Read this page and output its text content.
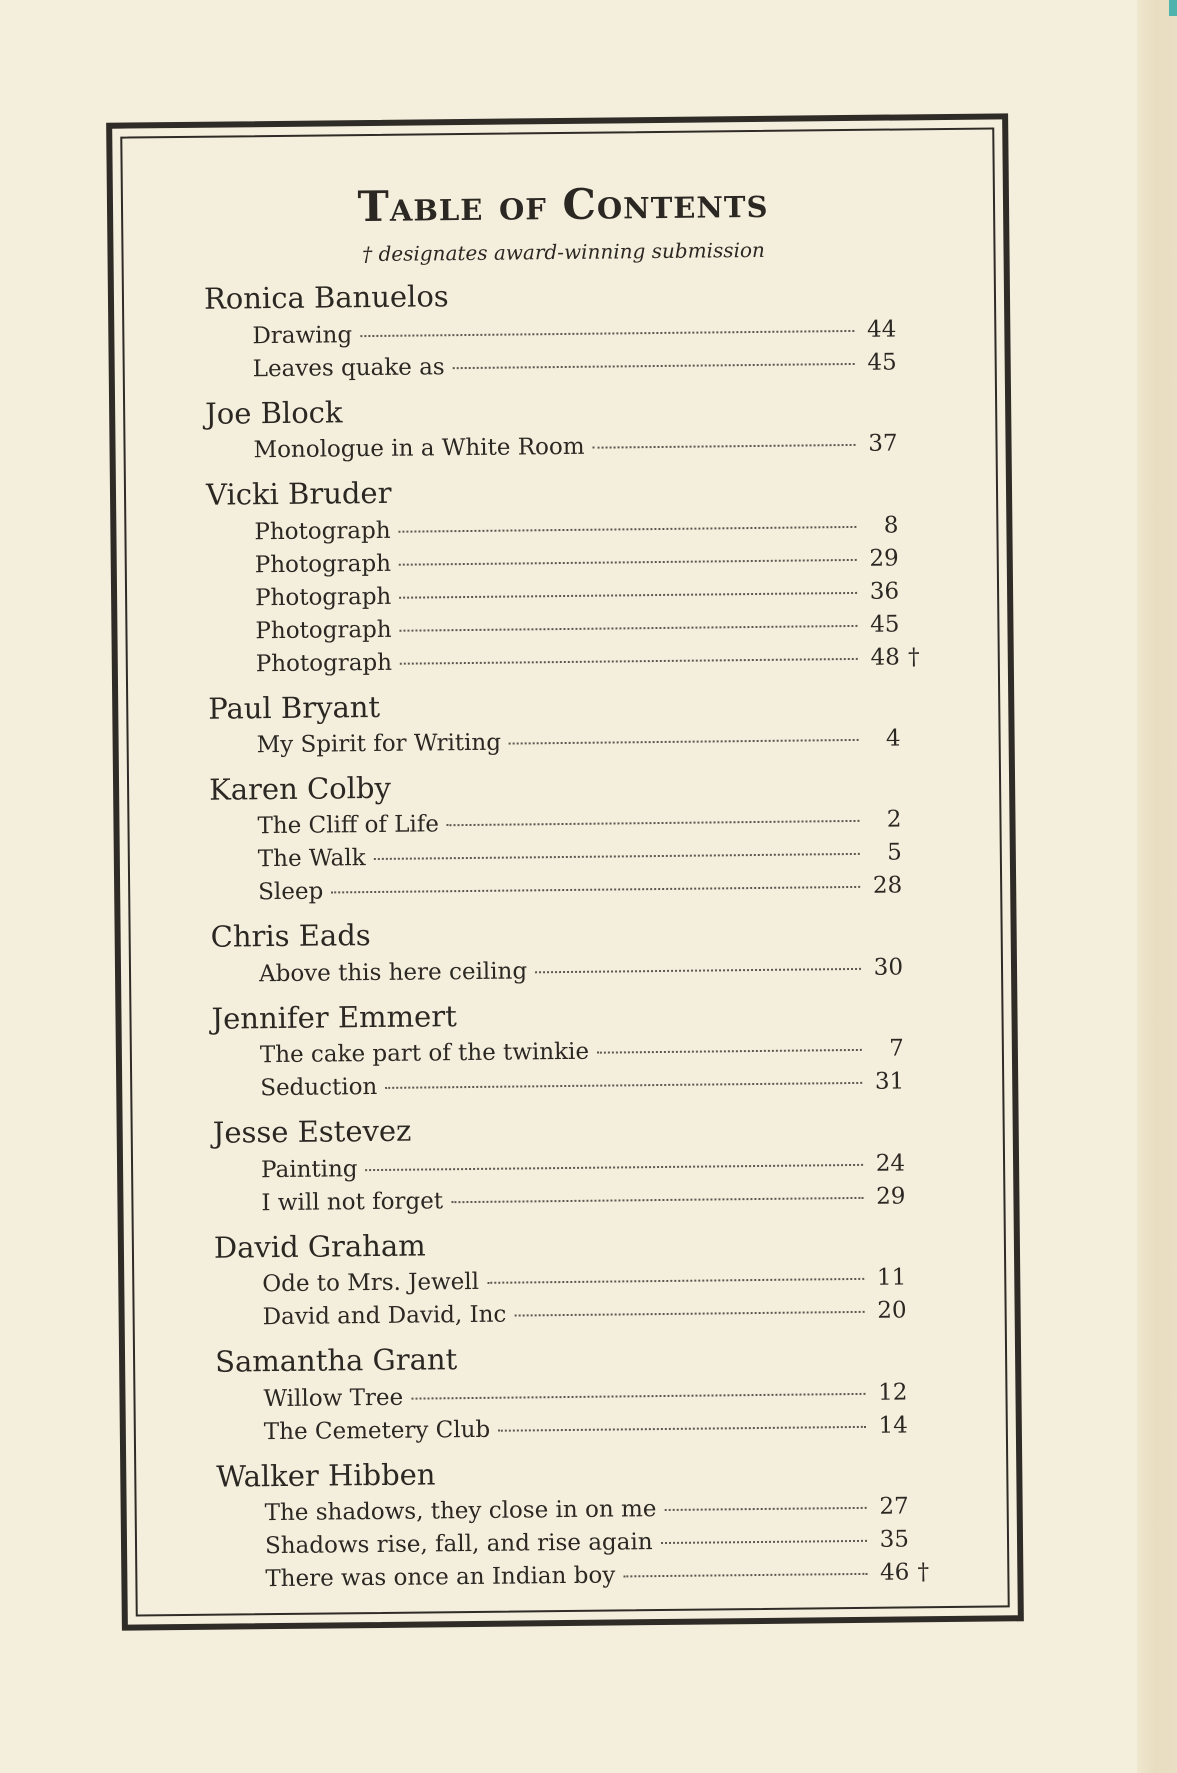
Table of Contents
† designates award-winning submission
Ronica Banuelos
Drawing	44
Leaves quake as	45
Joe Block
Monologue in a White Room	37
Vicki Bruder
Photograph	8
Photograph	29
Photograph	36
Photograph	45
Photograph	48 †
Paul Bryant
My Spirit for Writing	4
Karen Colby
The Cliff of Life	2
The Walk	5
Sleep	28
Chris Eads
Above this here ceiling	30
Jennifer Emmert
The cake part of the twinkie	7
Seduction	31
Jesse Estevez
Painting	24
I will not forget	29
David Graham
Ode to Mrs. Jewell	11
David and David, Inc	20
Samantha Grant
Willow Tree	12
The Cemetery Club	14
Walker Hibben
The shadows, they close in on me	27
Shadows rise, fall, and rise again	35
There was once an Indian boy	46 †
